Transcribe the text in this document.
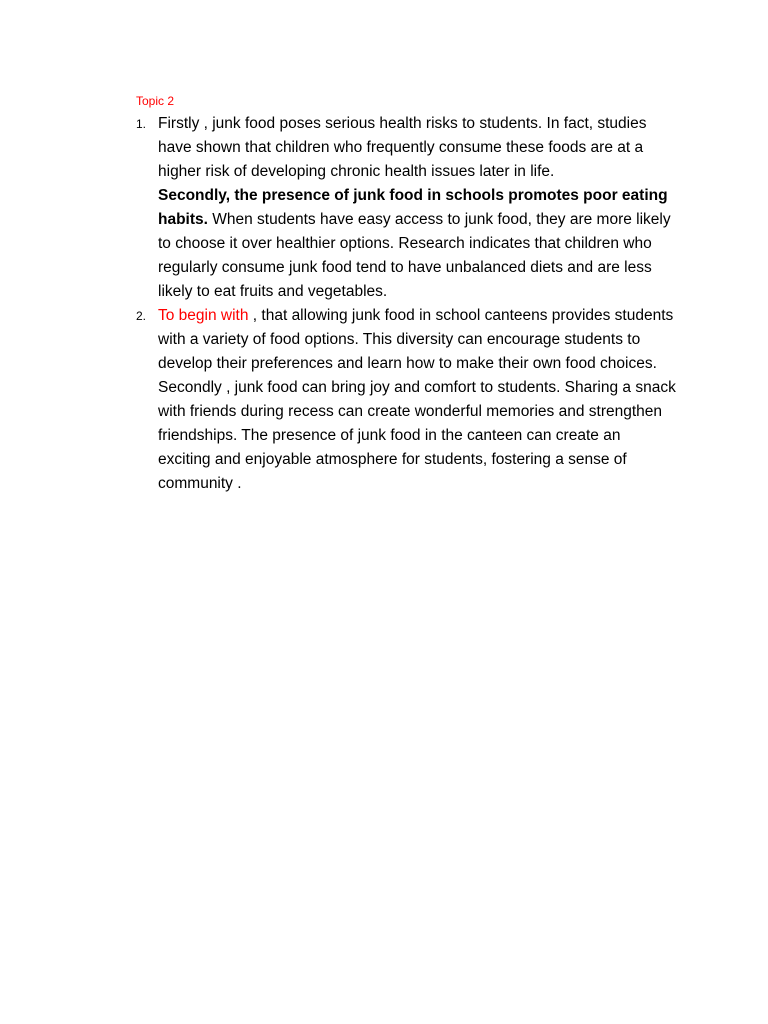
Topic 2

1. Firstly , junk food poses serious health risks to students. In fact, studies have shown that children who frequently consume these foods are at a higher risk of developing chronic health issues later in life.

Secondly, the presence of junk food in schools promotes poor eating habits. When students have easy access to junk food, they are more likely to choose it over healthier options. Research indicates that children who regularly consume junk food tend to have unbalanced diets and are less likely to eat fruits and vegetables.

2. To begin with , that allowing junk food in school canteens provides students with a variety of food options. This diversity can encourage students to develop their preferences and learn how to make their own food choices.

Secondly , junk food can bring joy and comfort to students. Sharing a snack with friends during recess can create wonderful memories and strengthen friendships. The presence of junk food in the canteen can create an exciting and enjoyable atmosphere for students, fostering a sense of community .
